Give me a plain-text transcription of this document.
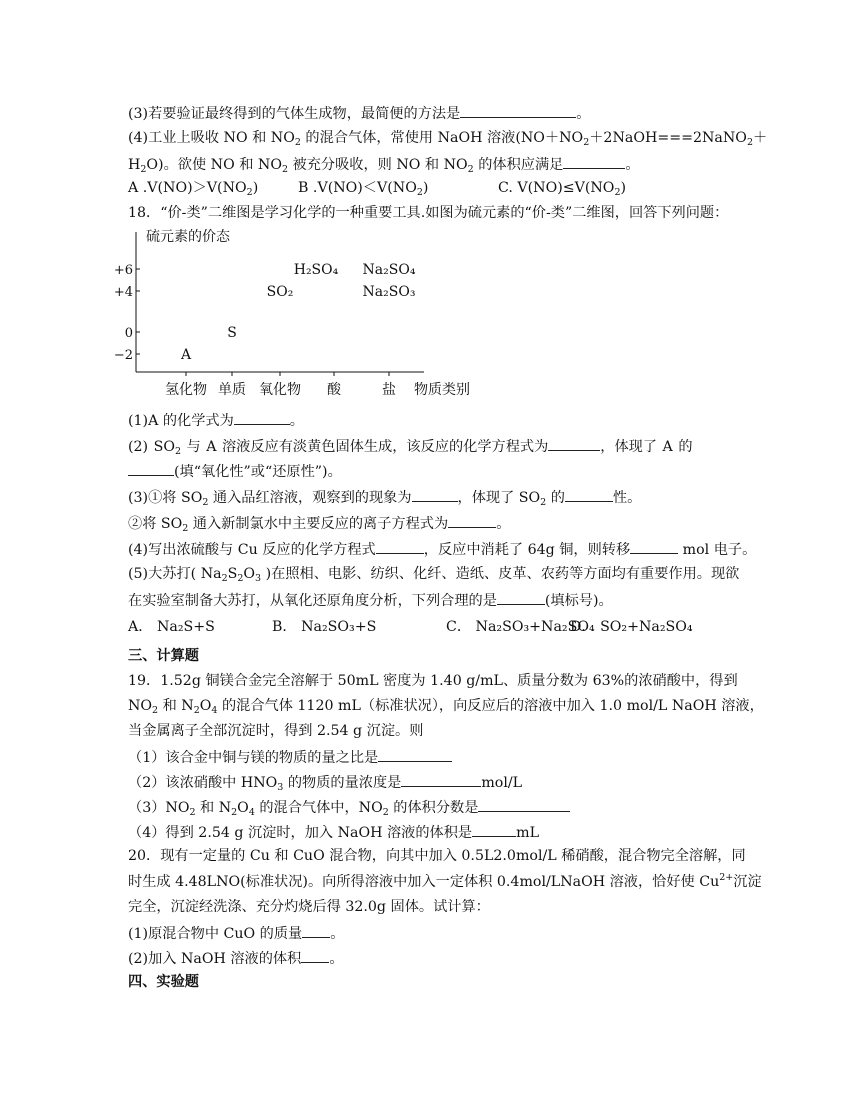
(3)若要验证最终得到的气体生成物，最简便的方法是	。
(4)工业上吸收 NO 和 $NO_2$ 的混合气体，常使用 NaOH 溶液($NO+NO_2+2NaOH===2NaNO_2+$
$H_2O$)。欲使 NO 和 $NO_2$ 被充分吸收，则 NO 和 $NO_2$ 的体积应满足	。
A $.V(NO)>V(NO_2)$	B $.V(NO)<V(NO_2)$	C. $V(NO)\le V(NO_2)$
18．“价-类”二维图是学习化学的一种重要工具.如图为硫元素的“价-类”二维图，回答下列问题：
硫元素的价态
+6
+4
0
−2
氢化物 单质 氧化物 酸	盐
A
S
SO₂
H₂SO₄ Na₂SO₄
Na₂SO₃
物质类别
(1)A 的化学式为	。
(2) $SO_2$ 与 A 溶液反应有淡黄色固体生成，该反应的化学方程式为	，体现了 A 的
(填“氧化性”或“还原性”)。
(3)①将 $SO_2$ 通入品红溶液，观察到的现象为	，体现了 $SO_2$ 的	性。
②将 $SO_2$ 通入新制氯水中主要反应的离子方程式为	。
(4)写出浓硫酸与 Cu 反应的化学方程式	，反应中消耗了 64g 铜，则转移	mol 电子。
(5)大苏打( $Na_2S_2O_3$ )在照相、电影、纺织、化纤、造纸、皮革、农药等方面均有重要作用。现欲
在实验室制备大苏打，从氧化还原角度分析，下列合理的是	(填标号)。
A． Na₂S+S	B． Na₂SO₃+S	C． Na₂SO₃+Na₂SO₄D． SO₂+Na₂SO₄
三、计算题
19．1.52g 铜镁合金完全溶解于 50mL 密度为 1.40 g/mL、质量分数为 63%的浓硝酸中，得到
$NO_2$ 和 $N_2O_4$ 的混合气体 1120 mL（标准状况），向反应后的溶液中加入 1.0 mol/L NaOH 溶液，
当金属离子全部沉淀时，得到 2.54 g 沉淀。则
（1）该合金中铜与镁的物质的量之比是
（2）该浓硝酸中 $HNO_3$ 的物质的量浓度是	mol/L
$(3)NO_2$ 和 $N_2O_4$ 的混合气体中，$NO_2$ 的体积分数是
（4）得到 2.54 g 沉淀时，加入 NaOH 溶液的体积是	mL
20．现有一定量的 Cu 和 CuO 混合物，向其中加入 0.5L2.0mol/L 稀硝酸，混合物完全溶解，同
时生成 4.48LNO(标准状况)。向所得溶液中加入一定体积 0.4mol/LNaOH 溶液，恰好使 $Cu^{2+}$沉淀
完全，沉淀经洗涤、充分灼烧后得 32.0g 固体。试计算：
(1)原混合物中 CuO 的质量 。
(2)加入 NaOH 溶液的体积 。
四、实验题
